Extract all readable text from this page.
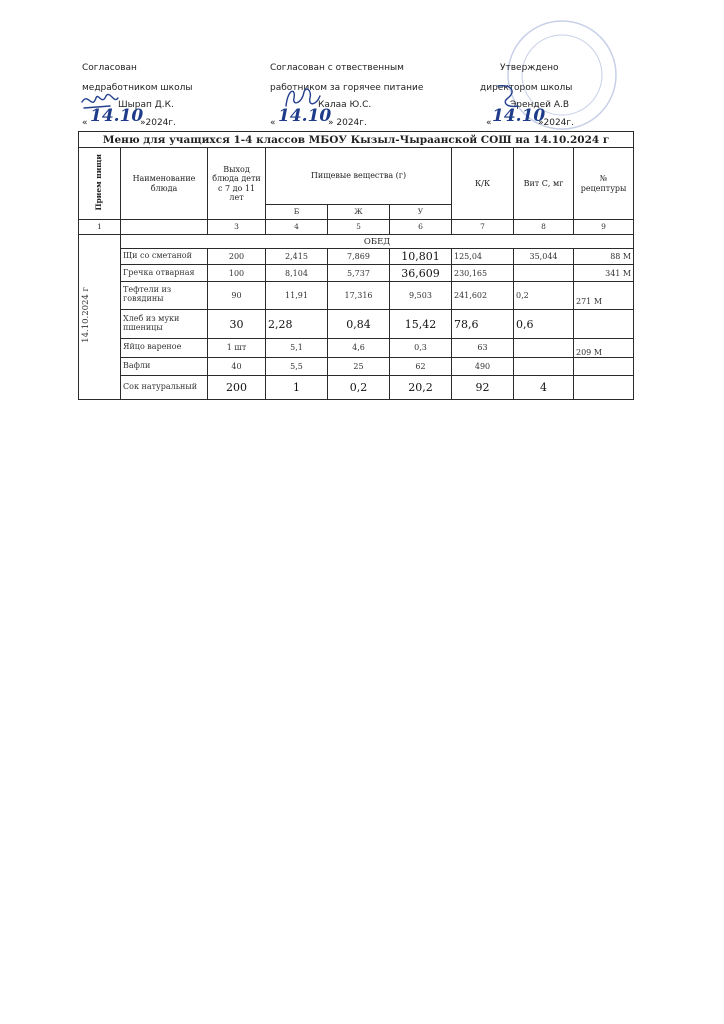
Согласован
медработником школы
Шырап Д.К.
« 14.10
»2024г.
Согласован с отвественным
работником за горячее питание
Калаа Ю.С.
« 14.10
» 2024г.
Утверждено
директором школы
Эрендей А.В
« 14.10
»2024г.
Меню для учащихся 1-4 классов МБОУ Кызыл-Чыраанской СОШ на 14.10.2024 г								
Прием пищи	Наименование блюда	Выход блюда дети с 7 до 11 лет	Пищевые вещества (г)			К/К	Вит С, мг	№ рецептуры
			Б	Ж	У			
1		3	4	5	6	7	8	9
14.10.2024 г	ОБЕД							
	Щи со сметаной	200	2,415	7,869	10,801	125,04	35,044	88 М
	Гречка отварная	100	8,104	5,737	36,609	230,165		341 М
	Тефтели из говядины	90	11,91	17,316	9,503	241,602	0,2	271 М
	Хлеб из муки пшеницы	30	2,28	0,84	15,42	78,6	0,6	
	Яйцо вареное	1 шт	5,1	4,6	0,3	63		209 М
	Вафли	40	5,5	25	62	490		
	Сок натуральный	200	1	0,2	20,2	92	4	
